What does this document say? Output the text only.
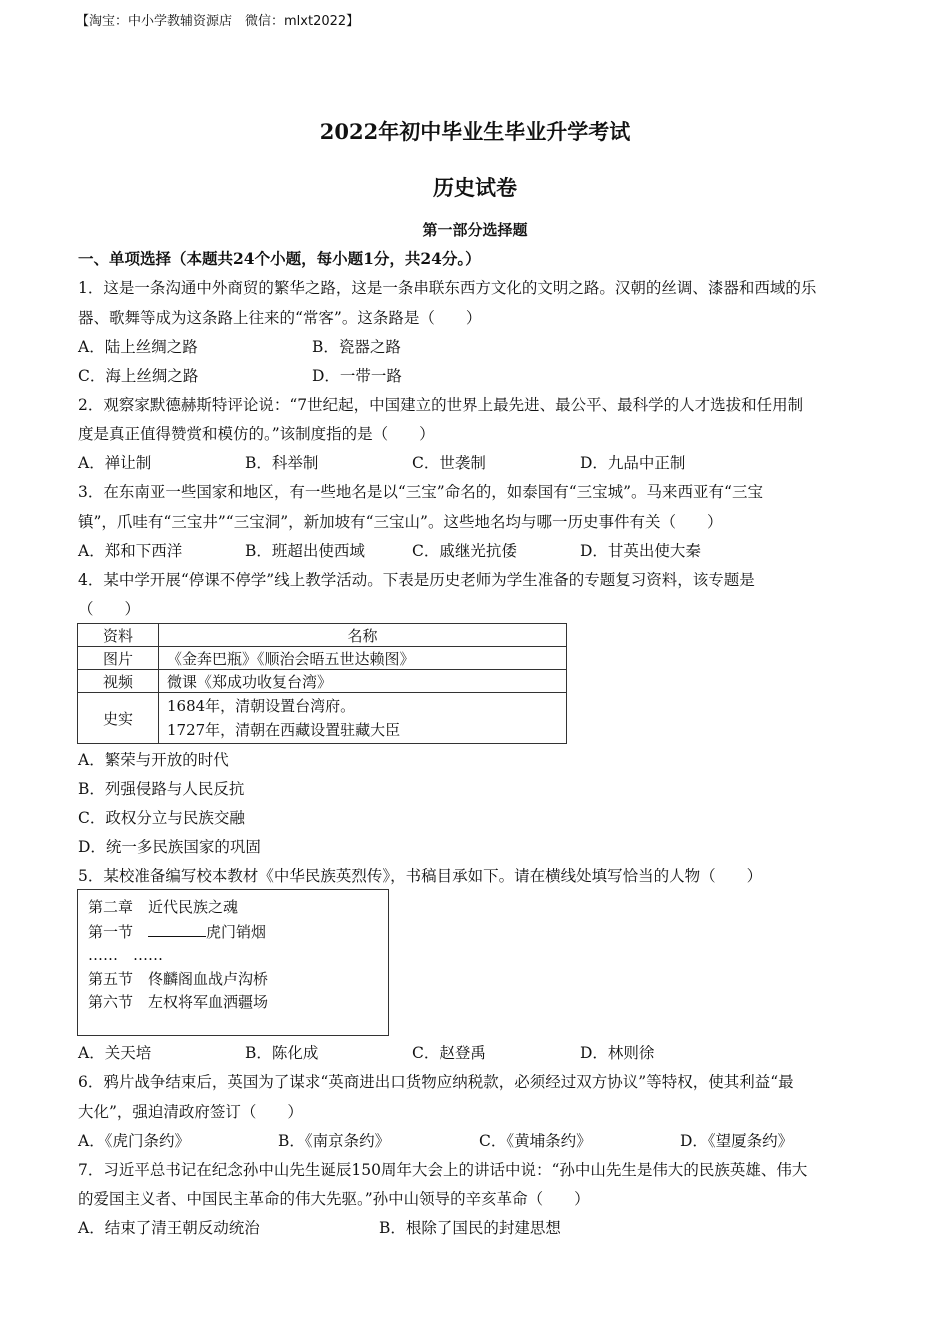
【淘宝：中小学教辅资源店　微信：mlxt2022】
2022年初中毕业生毕业升学考试
历史试卷
第一部分选择题
一、单项选择（本题共24个小题，每小题1分，共24分。）
1．这是一条沟通中外商贸的繁华之路，这是一条串联东西方文化的文明之路。汉朝的丝调、漆器和西域的乐
器、歌舞等成为这条路上往来的“常客”。这条路是（　　）
A．陆上丝绸之路	B．瓷器之路
C．海上丝绸之路	D．一带一路
2．观察家默德赫斯特评论说：“7世纪起，中国建立的世界上最先进、最公平、最科学的人才选拔和任用制
度是真正值得赞赏和模仿的。”该制度指的是（　　）
A．禅让制	B．科举制	C．世袭制	D．九品中正制
3．在东南亚一些国家和地区，有一些地名是以“三宝”命名的，如泰国有“三宝城”。马来西亚有“三宝
镇”，爪哇有“三宝井”“三宝洞”，新加坡有“三宝山”。这些地名均与哪一历史事件有关（　　）
A．郑和下西洋	B．班超出使西域	C．戚继光抗倭	D．甘英出使大秦
4．某中学开展“停课不停学”线上教学活动。下表是历史老师为学生准备的专题复习资料，该专题是
（　　）
资料	名称
图片	《金奔巴瓶》《顺治会晤五世达赖图》
视频	微课《郑成功收复台湾》
史实	1684年，清朝设置台湾府。
1727年，清朝在西藏设置驻藏大臣
A．繁荣与开放的时代
B．列强侵路与人民反抗
C．政权分立与民族交融
D．统一多民族国家的巩固
5．某校准备编写校本教材《中华民族英烈传》，书稿目承如下。请在横线处填写恰当的人物（　　）
第二章　近代民族之魂
第一节　	虎门销烟
……　……
第五节　佟麟阁血战卢沟桥
第六节　左权将军血洒疆场
A．关天培	B．陈化成	C．赵登禹	D．林则徐
6．鸦片战争结束后，英国为了谋求“英商进出口货物应纳税款，必须经过双方协议”等特权，使其利益“最
大化”，强迫清政府签订（　　）
A．《虎门条约》	B．《南京条约》	C．《黄埔条约》	D．《望厦条约》
7．习近平总书记在纪念孙中山先生诞辰150周年大会上的讲话中说：“孙中山先生是伟大的民族英雄、伟大
的爱国主义者、中国民主革命的伟大先驱。”孙中山领导的辛亥革命（　　）
A．结束了清王朝反动统治	B．根除了国民的封建思想
